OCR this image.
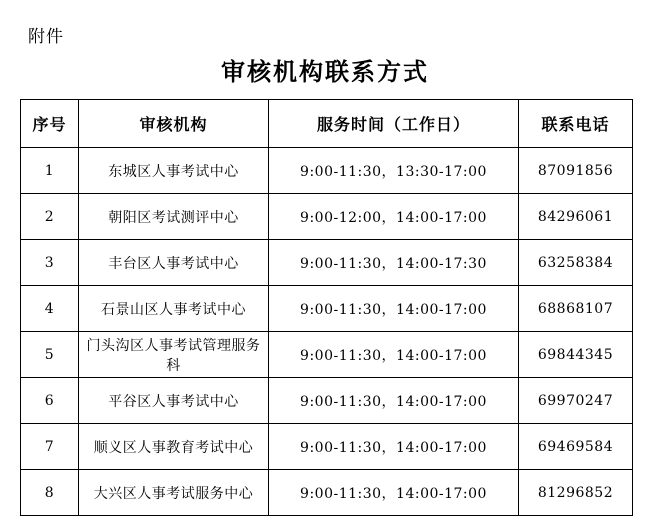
附件
审核机构联系方式
序号	审核机构	服务时间（工作日）	联系电话
1	东城区人事考试中心	9:00-11:30，13:30-17:00	87091856
2	朝阳区考试测评中心	9:00-12:00，14:00-17:00	84296061
3	丰台区人事考试中心	9:00-11:30，14:00-17:30	63258384
4	石景山区人事考试中心	9:00-11:30，14:00-17:00	68868107
5	门头沟区人事考试管理服务科	9:00-11:30，14:00-17:00	69844345
6	平谷区人事考试中心	9:00-11:30，14:00-17:00	69970247
7	顺义区人事教育考试中心	9:00-11:30，14:00-17:00	69469584
8	大兴区人事考试服务中心	9:00-11:30，14:00-17:00	81296852
